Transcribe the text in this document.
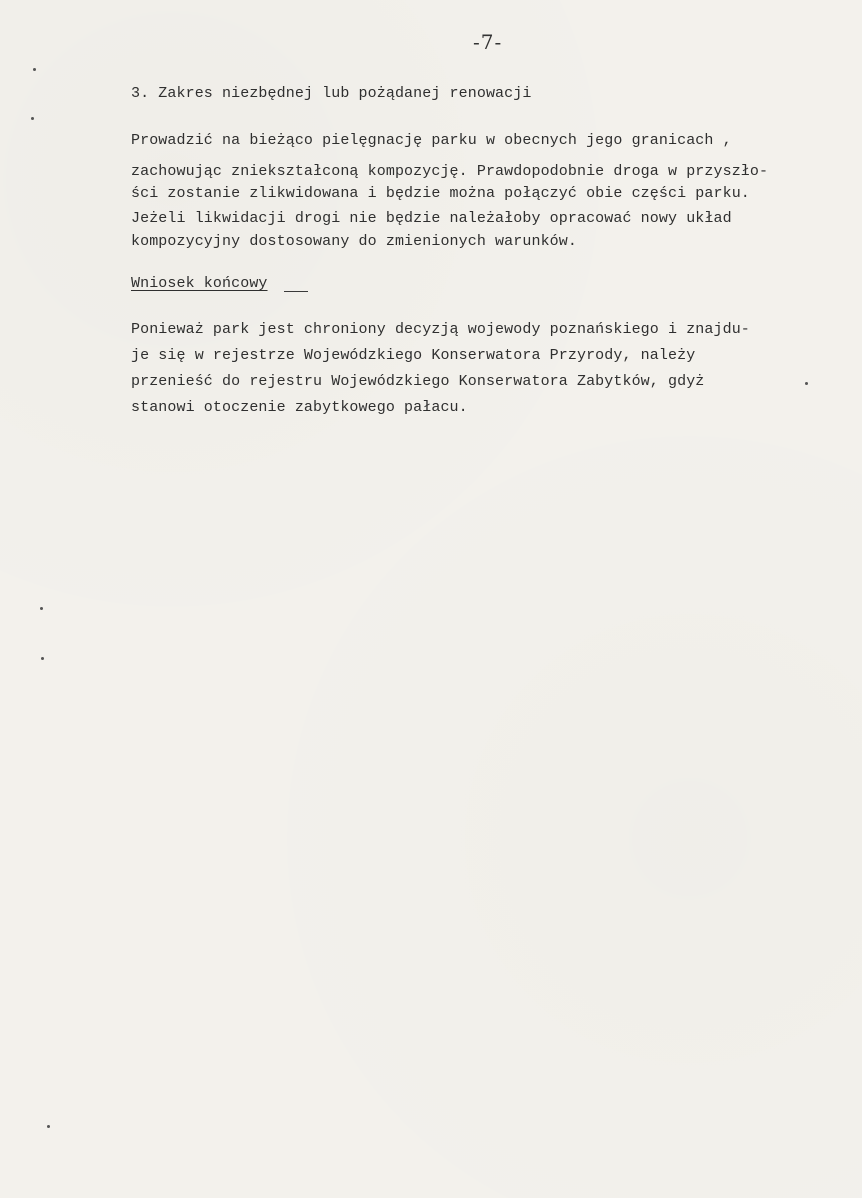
-7-
3. Zakres niezbędnej lub pożądanej renowacji
Prowadzić na bieżąco pielęgnację parku w obecnych jego granicach ,
zachowując zniekształconą kompozycję. Prawdopodobnie droga w przyszło-
ści zostanie zlikwidowana i będzie można połączyć obie części parku.
Jeżeli likwidacji drogi nie będzie należałoby opracować nowy układ
kompozycyjny dostosowany do zmienionych warunków.
Wniosek końcowy
Ponieważ park jest chroniony decyzją wojewody poznańskiego i znajdu-
je się w rejestrze Wojewódzkiego Konserwatora Przyrody, należy
przenieść do rejestru Wojewódzkiego Konserwatora Zabytków, gdyż
stanowi otoczenie zabytkowego pałacu.
